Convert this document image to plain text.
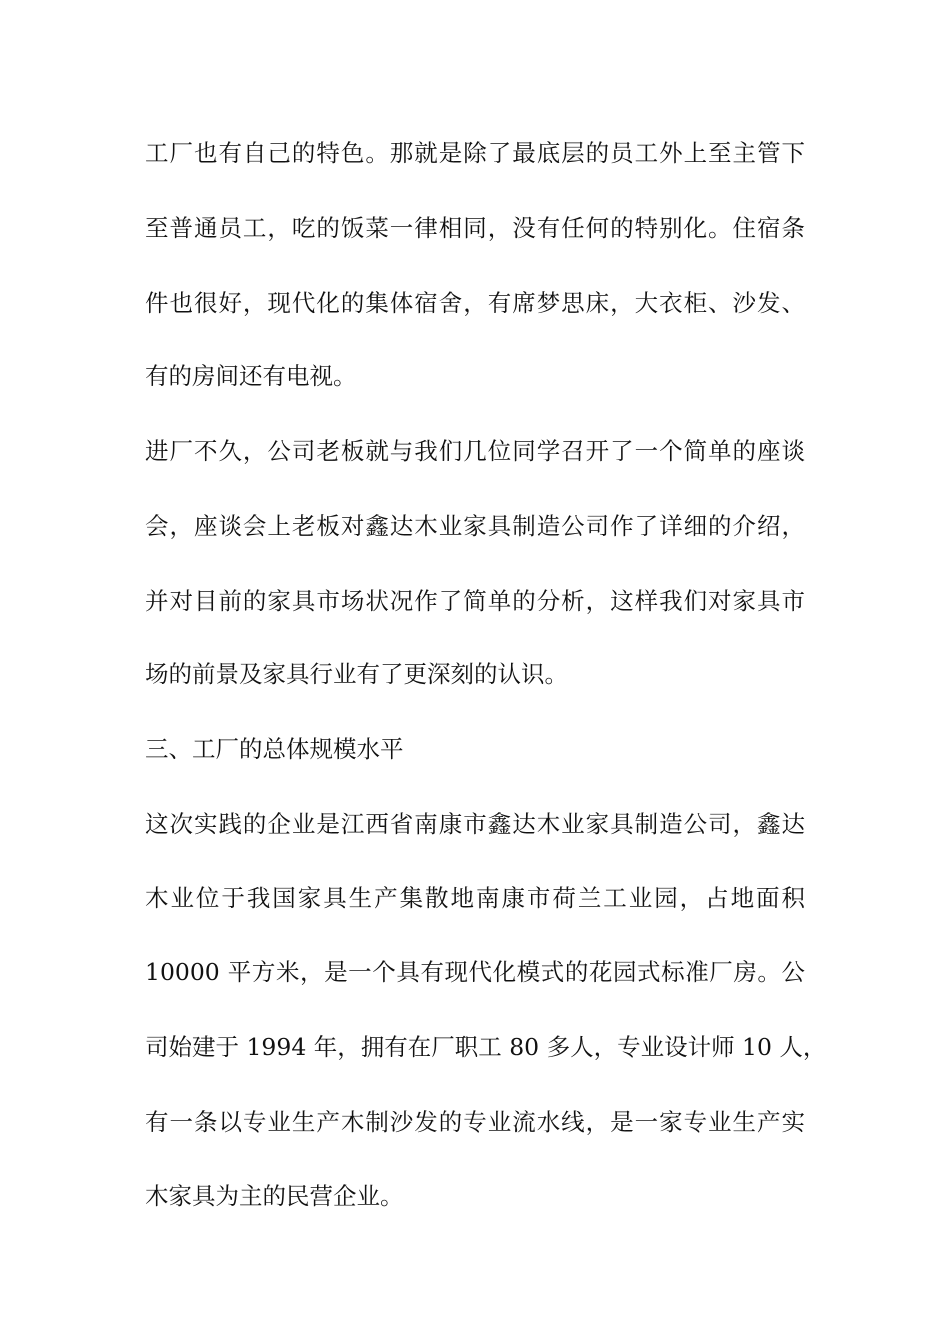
工厂也有自己的特色。那就是除了最底层的员工外上至主管下
至普通员工，吃的饭菜一律相同，没有任何的特别化。住宿条
件也很好，现代化的集体宿舍，有席梦思床，大衣柜、沙发、
有的房间还有电视。
进厂不久，公司老板就与我们几位同学召开了一个简单的座谈
会，座谈会上老板对鑫达木业家具制造公司作了详细的介绍，
并对目前的家具市场状况作了简单的分析，这样我们对家具市
场的前景及家具行业有了更深刻的认识。
三、工厂的总体规模水平
这次实践的企业是江西省南康市鑫达木业家具制造公司，鑫达
木业位于我国家具生产集散地南康市荷兰工业园，占地面积
10000 平方米，是一个具有现代化模式的花园式标准厂房。公
司始建于 1994 年，拥有在厂职工 80 多人，专业设计师 10 人，
有一条以专业生产木制沙发的专业流水线，是一家专业生产实
木家具为主的民营企业。
